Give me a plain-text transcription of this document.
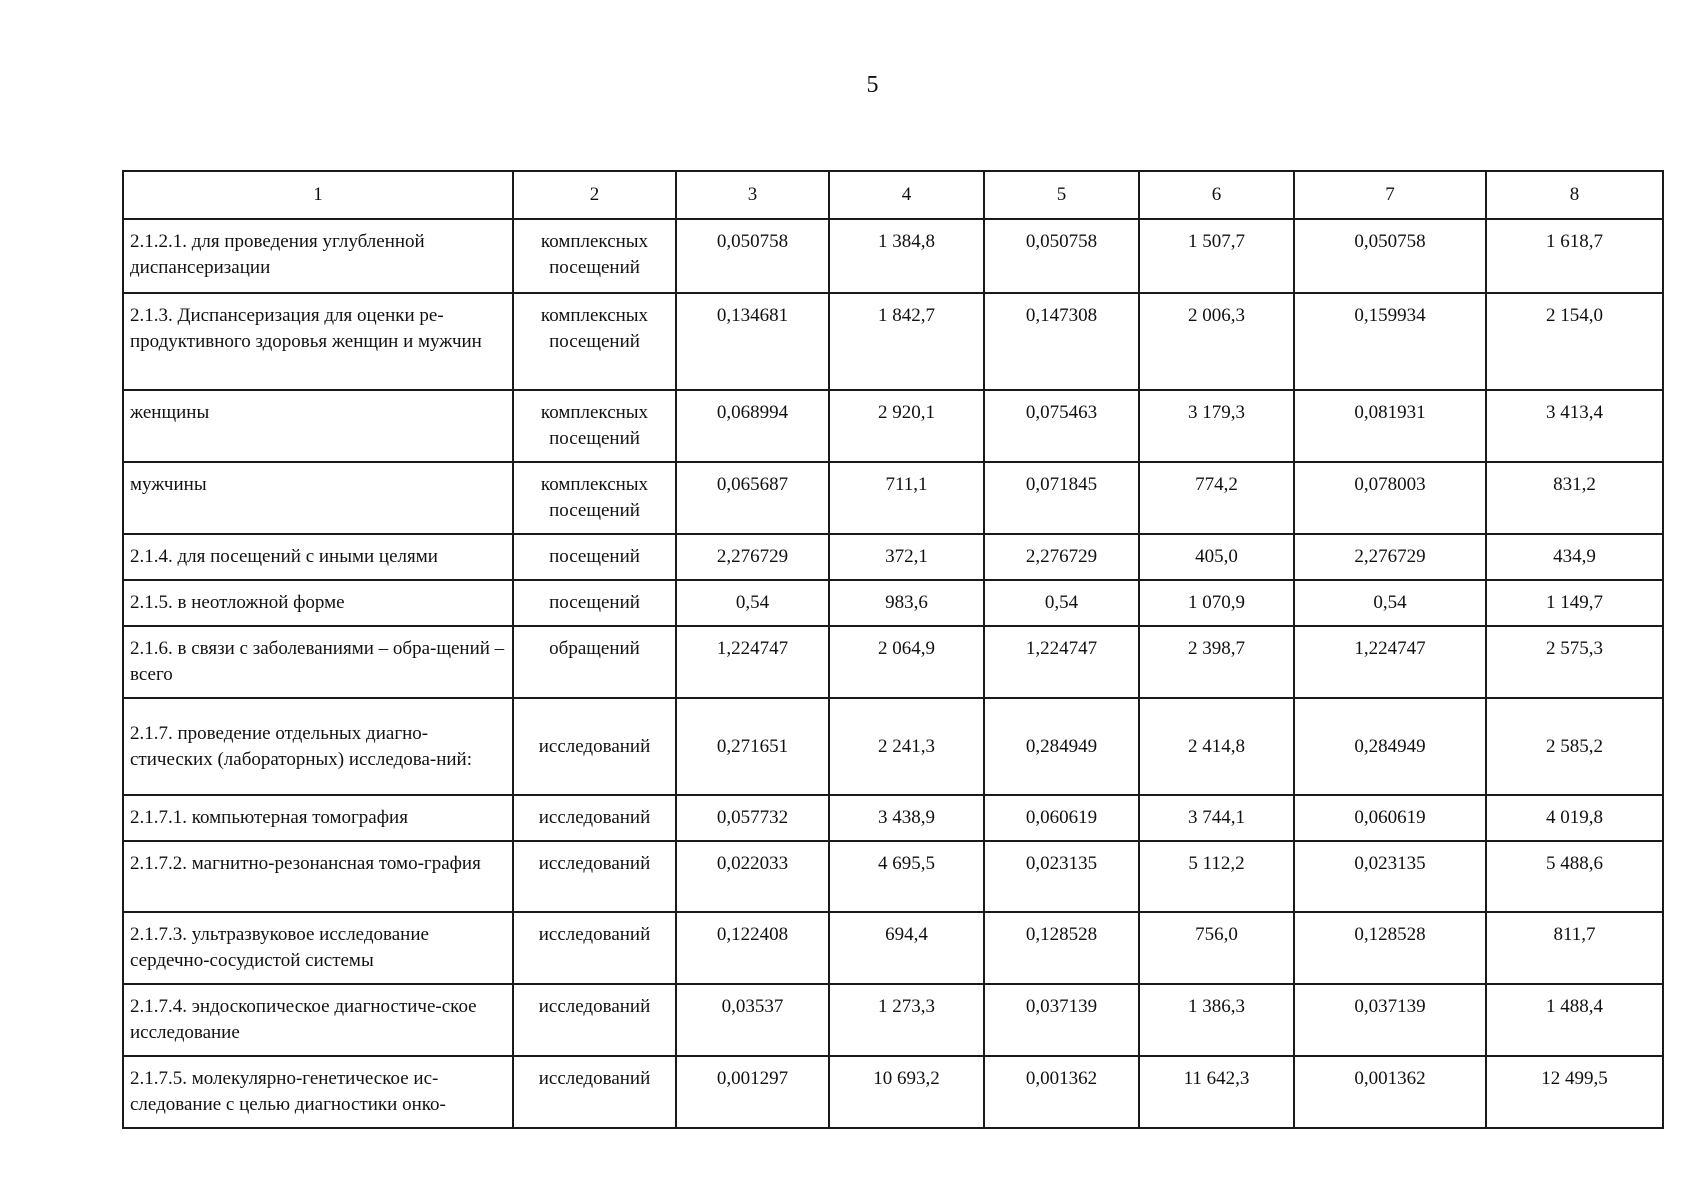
5
1	2	3	4	5	6	7	8
2.1.2.1. для проведения углубленной диспансеризации	комплексных посещений	0,050758	1 384,8	0,050758	1 507,7	0,050758	1 618,7
2.1.3. Диспансеризация для оценки ре-продуктивного здоровья женщин и мужчин	комплексных посещений	0,134681	1 842,7	0,147308	2 006,3	0,159934	2 154,0
женщины	комплексных посещений	0,068994	2 920,1	0,075463	3 179,3	0,081931	3 413,4
мужчины	комплексных посещений	0,065687	711,1	0,071845	774,2	0,078003	831,2
2.1.4. для посещений с иными целями	посещений	2,276729	372,1	2,276729	405,0	2,276729	434,9
2.1.5. в неотложной форме	посещений	0,54	983,6	0,54	1 070,9	0,54	1 149,7
2.1.6. в связи с заболеваниями – обра-щений – всего	обращений	1,224747	2 064,9	1,224747	2 398,7	1,224747	2 575,3
2.1.7. проведение отдельных диагно-стических (лабораторных) исследова-ний:	исследований	0,271651	2 241,3	0,284949	2 414,8	0,284949	2 585,2
2.1.7.1. компьютерная томография	исследований	0,057732	3 438,9	0,060619	3 744,1	0,060619	4 019,8
2.1.7.2. магнитно-резонансная томо-графия	исследований	0,022033	4 695,5	0,023135	5 112,2	0,023135	5 488,6
2.1.7.3. ультразвуковое исследование сердечно-сосудистой системы	исследований	0,122408	694,4	0,128528	756,0	0,128528	811,7
2.1.7.4. эндоскопическое диагностиче-ское исследование	исследований	0,03537	1 273,3	0,037139	1 386,3	0,037139	1 488,4
2.1.7.5. молекулярно-генетическое ис-следование с целью диагностики онко-	исследований	0,001297	10 693,2	0,001362	11 642,3	0,001362	12 499,5
